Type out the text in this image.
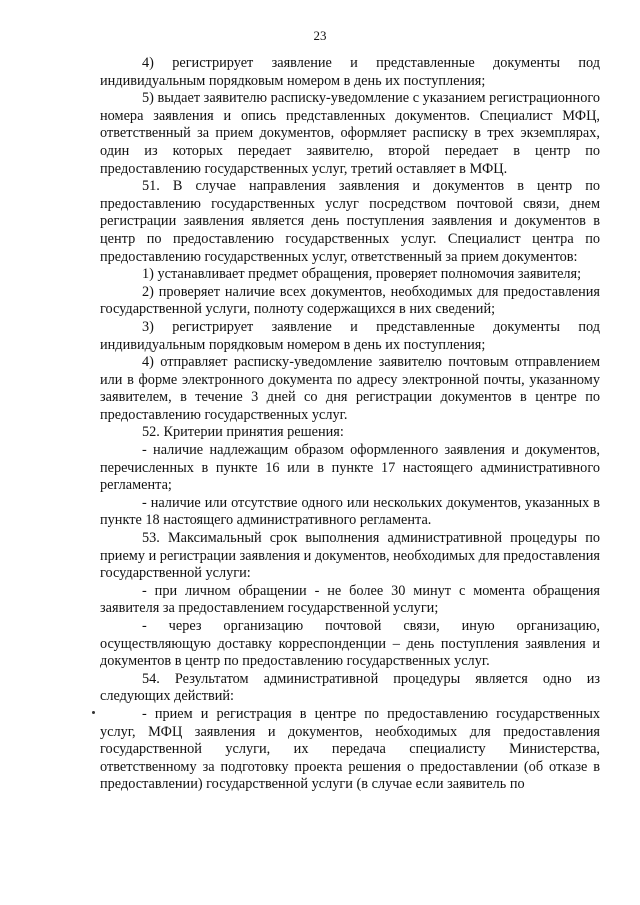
23

4) регистрирует заявление и представленные документы под индивидуальным порядковым номером в день их поступления;

5) выдает заявителю расписку-уведомление с указанием регистрационного номера заявления и опись представленных документов. Специалист МФЦ, ответственный за прием документов, оформляет расписку в трех экземплярах, один из которых передает заявителю, второй передает в центр по предоставлению государственных услуг, третий оставляет в МФЦ.

51. В случае направления заявления и документов в центр по предоставлению государственных услуг посредством почтовой связи, днем регистрации заявления является день поступления заявления и документов в центр по предоставлению государственных услуг. Специалист центра по предоставлению государственных услуг, ответственный за прием документов:

1) устанавливает предмет обращения, проверяет полномочия заявителя;

2) проверяет наличие всех документов, необходимых для предоставления государственной услуги, полноту содержащихся в них сведений;

3) регистрирует заявление и представленные документы под индивидуальным порядковым номером в день их поступления;

4) отправляет расписку-уведомление заявителю почтовым отправлением или в форме электронного документа по адресу электронной почты, указанному заявителем, в течение 3 дней со дня регистрации документов в центре по предоставлению государственных услуг.

52. Критерии принятия решения:

- наличие надлежащим образом оформленного заявления и документов, перечисленных в пункте 16 или в пункте 17 настоящего административного регламента;

- наличие или отсутствие одного или нескольких документов, указанных в пункте 18 настоящего административного регламента.

53. Максимальный срок выполнения административной процедуры по приему и регистрации заявления и документов, необходимых для предоставления государственной услуги:

- при личном обращении - не более 30 минут с момента обращения заявителя за предоставлением государственной услуги;

- через организацию почтовой связи, иную организацию, осуществляющую доставку корреспонденции – день поступления заявления и документов в центр по предоставлению государственных услуг.

54. Результатом административной процедуры является одно из следующих действий:

- прием и регистрация в центре по предоставлению государственных услуг, МФЦ заявления и документов, необходимых для предоставления государственной услуги, их передача специалисту Министерства, ответственному за подготовку проекта решения о предоставлении (об отказе в предоставлении) государственной услуги (в случае если заявитель по
